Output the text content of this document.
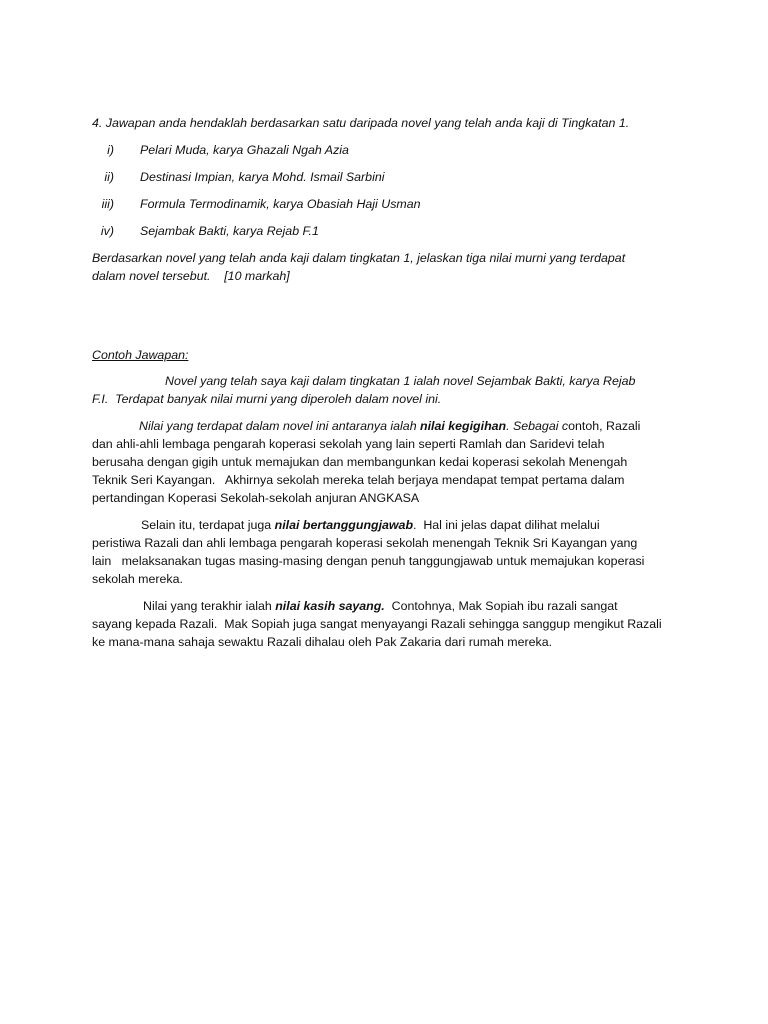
4. Jawapan anda hendaklah berdasarkan satu daripada novel yang telah anda kaji di Tingkatan 1.
i) Pelari Muda, karya Ghazali Ngah Azia
ii) Destinasi Impian, karya Mohd. Ismail Sarbini
iii) Formula Termodinamik, karya Obasiah Haji Usman
iv) Sejambak Bakti, karya Rejab F.1
Berdasarkan novel yang telah anda kaji dalam tingkatan 1, jelaskan tiga nilai murni yang terdapat
dalam novel tersebut.    [10 markah]
Contoh Jawapan:
Novel yang telah saya kaji dalam tingkatan 1 ialah novel Sejambak Bakti, karya Rejab
F.I.  Terdapat banyak nilai murni yang diperoleh dalam novel ini.
Nilai yang terdapat dalam novel ini antaranya ialah nilai kegigihan. Sebagai contoh, Razali
dan ahli-ahli lembaga pengarah koperasi sekolah yang lain seperti Ramlah dan Saridevi telah
berusaha dengan gigih untuk memajukan dan membangunkan kedai koperasi sekolah Menengah
Teknik Seri Kayangan.   Akhirnya sekolah mereka telah berjaya mendapat tempat pertama dalam
pertandingan Koperasi Sekolah-sekolah anjuran ANGKASA
Selain itu, terdapat juga nilai bertanggungjawab.  Hal ini jelas dapat dilihat melalui
peristiwa Razali dan ahli lembaga pengarah koperasi sekolah menengah Teknik Sri Kayangan yang
lain   melaksanakan tugas masing-masing dengan penuh tanggungjawab untuk memajukan koperasi
sekolah mereka.
Nilai yang terakhir ialah nilai kasih sayang.  Contohnya, Mak Sopiah ibu razali sangat
sayang kepada Razali.  Mak Sopiah juga sangat menyayangi Razali sehingga sanggup mengikut Razali
ke mana-mana sahaja sewaktu Razali dihalau oleh Pak Zakaria dari rumah mereka.
